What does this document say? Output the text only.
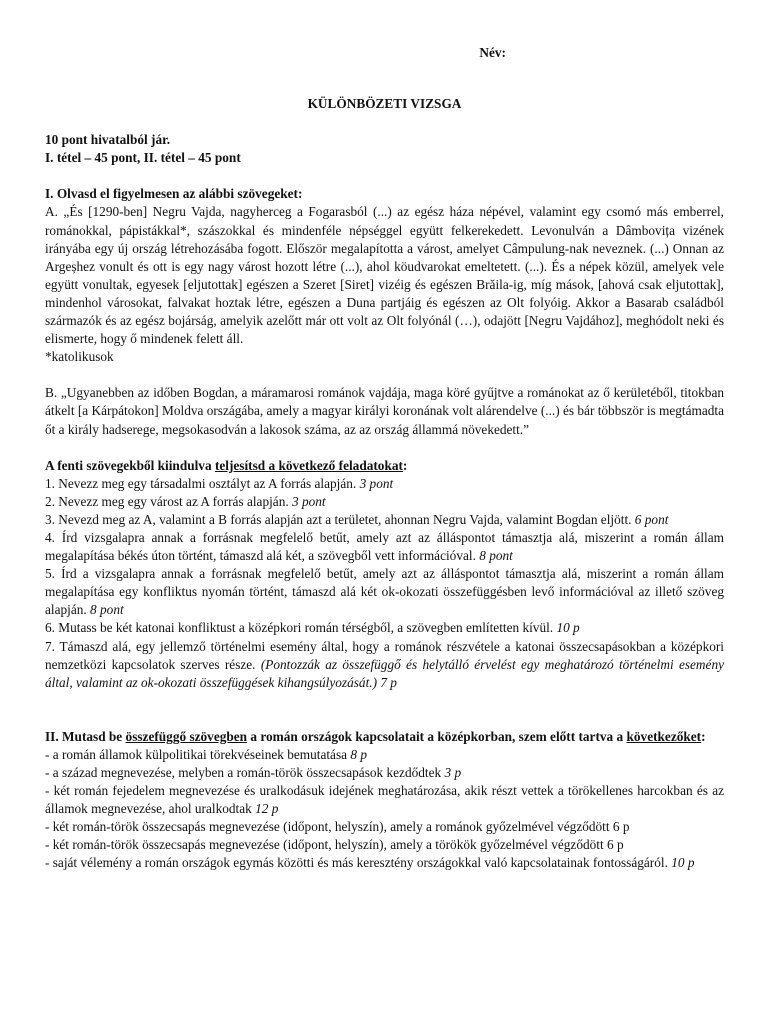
Név:
KÜLÖNBÖZETI VIZSGA

10 pont hivatalból jár.

I. tétel – 45 pont, II. tétel – 45 pont

I. Olvasd el figyelmesen az alábbi szövegeket:

A. „És [1290-ben] Negru Vajda, nagyherceg a Fogarasból (...) az egész háza népével, valamint egy csomó más emberrel, románokkal, pápistákkal*, szászokkal és mindenféle népséggel együtt felkerekedett. Levonulván a Dâmbovița vizének irányába egy új ország létrehozásába fogott. Először megalapította a várost, amelyet Câmpulung-nak neveznek. (...) Onnan az Argeșhez vonult és ott is egy nagy várost hozott létre (...), ahol köudvarokat emeltetett. (...). És a népek közül, amelyek vele együtt vonultak, egyesek [eljutottak] egészen a Szeret [Siret] vizéig és egészen Brăila-ig, míg mások, [ahová csak eljutottak], mindenhol városokat, falvakat hoztak létre, egészen a Duna partjáig és egészen az Olt folyóig. Akkor a Basarab családból származók és az egész bojárság, amelyik azelőtt már ott volt az Olt folyónál (…), odajött [Negru Vajdához], meghódolt neki és elismerte, hogy ő mindenek felett áll.

*katolikusok

B. „Ugyanebben az időben Bogdan, a máramarosi románok vajdája, maga köré gyűjtve a románokat az ő kerületéből, titokban átkelt [a Kárpátokon] Moldva országába, amely a magyar királyi koronának volt alárendelve (...) és bár többször is megtámadta őt a király hadserege, megsokasodván a lakosok száma, az az ország állammá növekedett.”

A fenti szövegekből kiindulva teljesítsd a következő feladatokat:

1. Nevezz meg egy társadalmi osztályt az A forrás alapján. 3 pont

2. Nevezz meg egy várost az A forrás alapján. 3 pont

3. Nevezd meg az A, valamint a B forrás alapján azt a területet, ahonnan Negru Vajda, valamint Bogdan eljött. 6 pont

4. Írd vizsgalapra annak a forrásnak megfelelő betűt, amely azt az álláspontot támasztja alá, miszerint a román állam megalapítása békés úton történt, támaszd alá két, a szövegből vett információval. 8 pont

5. Írd a vizsgalapra annak a forrásnak megfelelő betűt, amely azt az álláspontot támasztja alá, miszerint a román állam megalapítása egy konfliktus nyomán történt, támaszd alá két ok-okozati összefüggésben levő információval az illető szöveg alapján. 8 pont

6. Mutass be két katonai konfliktust a középkori román térségből, a szövegben említetten kívül. 10 p

7. Támaszd alá, egy jellemző történelmi esemény által, hogy a románok részvétele a katonai összecsapásokban a középkori nemzetközi kapcsolatok szerves része. (Pontozzák az összefüggő és helytálló érvelést egy meghatározó történelmi esemény által, valamint az ok-okozati összefüggések kihangsúlyozását.) 7 p

II. Mutasd be összefüggő szövegben a román országok kapcsolatait a középkorban, szem előtt tartva a következőket:

- a román államok külpolitikai törekvéseinek bemutatása 8 p

- a század megnevezése, melyben a román-török összecsapások kezdődtek 3 p

- két román fejedelem megnevezése és uralkodásuk idejének meghatározása, akik részt vettek a törökellenes harcokban és az államok megnevezése, ahol uralkodtak 12 p

- két román-török összecsapás megnevezése (időpont, helyszín), amely a románok győzelmével végződött 6 p

- két román-török összecsapás megnevezése (időpont, helyszín), amely a törökök győzelmével végződött 6 p

- saját vélemény a román országok egymás közötti és más keresztény országokkal való kapcsolatainak fontosságáról. 10 p
